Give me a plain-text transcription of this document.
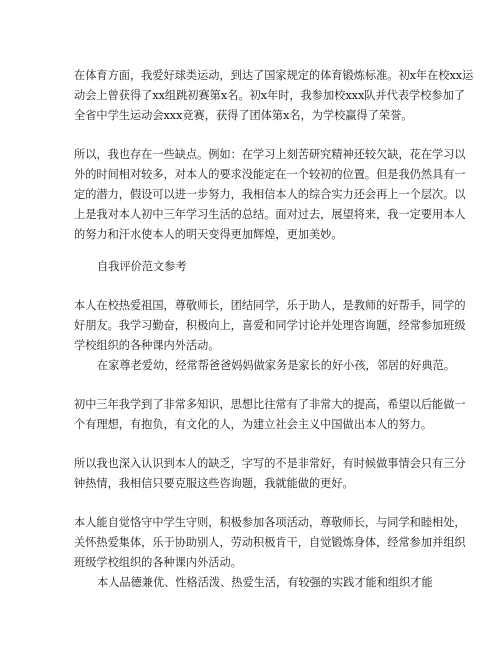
在体育方面，我爱好球类运动，到达了国家规定的体育锻炼标准。初x年在校xx运
动会上曾获得了xx组跳初赛第x名。初x年时，我参加校xxx队并代表学校参加了
全省中学生运动会xxx竞赛，获得了团体第x名，为学校赢得了荣誉。

所以，我也存在一些缺点。例如：在学习上刻苦研究精神还较欠缺，花在学习以
外的时间相对较多，对本人的要求没能定在一个较初的位置。但是我仍然具有一
定的潜力，假设可以进一步努力，我相信本人的综合实力还会再上一个层次。以
上是我对本人初中三年学习生活的总结。面对过去，展望将来，我一定要用本人
的努力和汗水使本人的明天变得更加辉煌，更加美妙。

自我评价范文参考

本人在校热爱祖国，尊敬师长，团结同学，乐于助人，是教师的好帮手，同学的
好朋友。我学习勤奋，积极向上，喜爱和同学讨论并处理咨询题，经常参加班级
学校组织的各种课内外活动。

在家尊老爱幼，经常帮爸爸妈妈做家务是家长的好小孩，邻居的好典范。

初中三年我学到了非常多知识，思想比往常有了非常大的提高，希望以后能做一
个有理想，有抱负，有文化的人，为建立社会主义中国做出本人的努力。

所以我也深入认识到本人的缺乏，字写的不是非常好，有时候做事情会只有三分
钟热情，我相信只要克服这些咨询题，我就能做的更好。

本人能自觉恪守中学生守则，积极参加各项活动，尊敬师长，与同学和睦相处，
关怀热爱集体，乐于协助别人，劳动积极肯干，自觉锻炼身体，经常参加并组织
班级学校组织的各种课内外活动。

本人品德兼优、性格活泼、热爱生活，有较强的实践才能和组织才能
